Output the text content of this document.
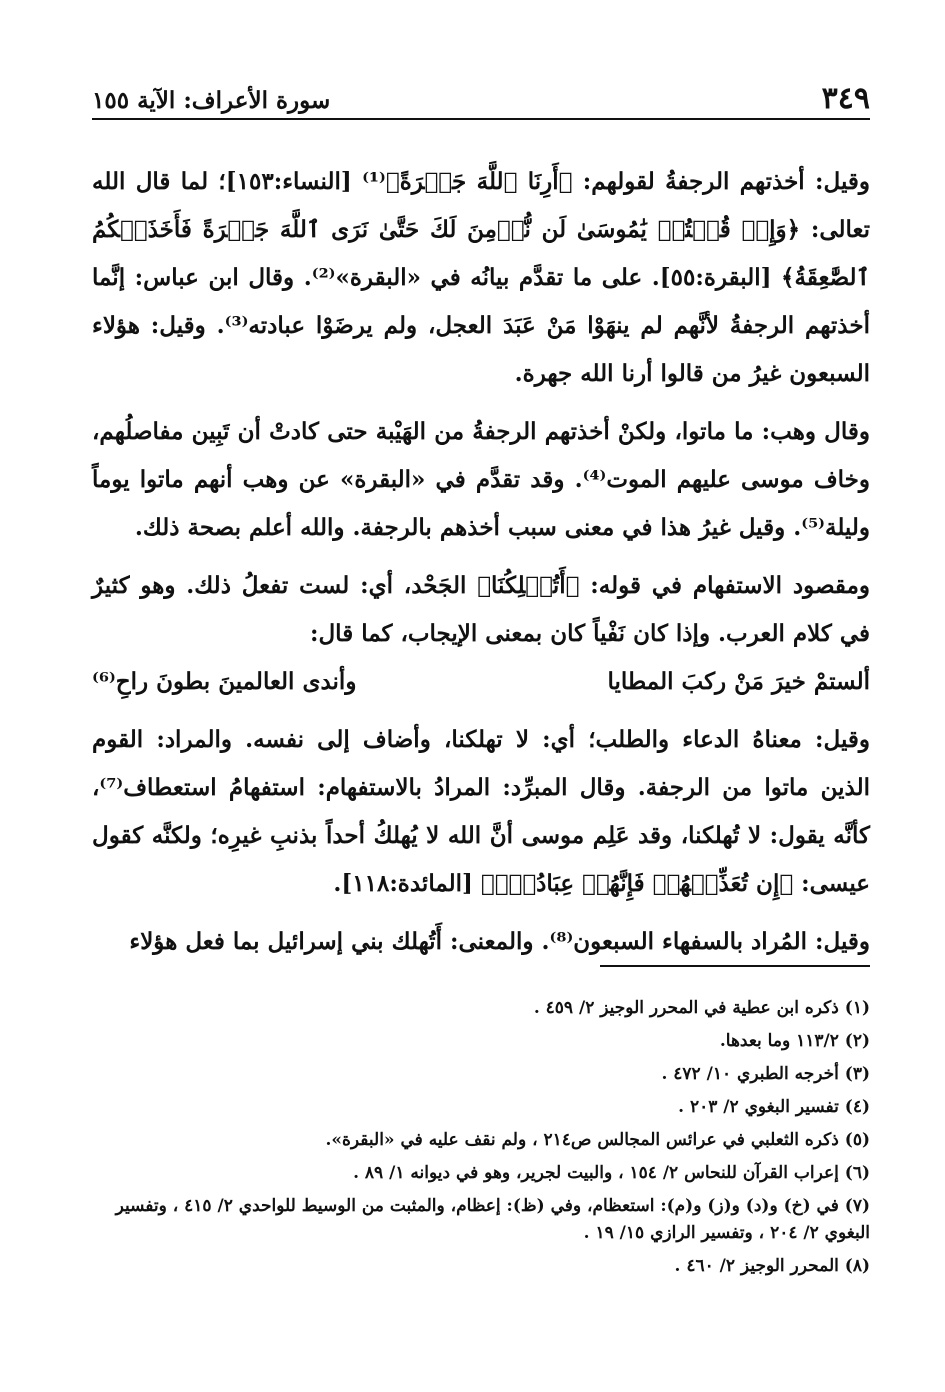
٣٤٩
سورة الأعراف: الآية ١٥٥

وقيل: أخذتهم الرجفةُ لقولهم: ﴿أَرِنَا ٱللَّهَ جَهۡرَةً﴾⁽¹⁾ [النساء:١٥٣]؛ لما قال الله تعالى: ﴿وَإِذۡ قُلۡتُمۡ يَٰمُوسَىٰ لَن نُّؤۡمِنَ لَكَ حَتَّىٰ نَرَى ٱللَّهَ جَهۡرَةً فَأَخَذَتۡكُمُ ٱلصَّٰعِقَةُ﴾ [البقرة:٥٥]. على ما تقدَّم بيانُه في «البقرة»⁽²⁾. وقال ابن عباس: إنَّما أخذتهم الرجفةُ لأنَّهم لم ينهَوْا مَنْ عَبَدَ العجل، ولم يرضَوْا عبادته⁽³⁾. وقيل: هؤلاء السبعون غيرُ من قالوا أرنا الله جهرة.

وقال وهب: ما ماتوا، ولكنْ أخذتهم الرجفةُ من الهَيْبة حتى كادتْ أن تَبِين مفاصلُهم، وخاف موسى عليهم الموت⁽⁴⁾. وقد تقدَّم في «البقرة» عن وهب أنهم ماتوا يوماً وليلة⁽⁵⁾. وقيل غيرُ هذا في معنى سبب أخذهم بالرجفة. والله أعلم بصحة ذلك.

ومقصود الاستفهام في قوله: ﴿أَتُهۡلِكُنَا﴾ الجَحْد، أي: لست تفعلُ ذلك. وهو كثيرٌ في كلام العرب. وإذا كان نَفْياً كان بمعنى الإيجاب، كما قال:

ألستمْ خيرَ مَنْ ركبَ المطايا
وأندى العالمينَ بطونَ راحِ⁽⁶⁾

وقيل: معناهُ الدعاء والطلب؛ أي: لا تهلكنا، وأضاف إلى نفسه. والمراد: القوم الذين ماتوا من الرجفة. وقال المبرِّد: المرادُ بالاستفهام: استفهامُ استعطاف⁽⁷⁾، كأنَّه يقول: لا تُهلكنا، وقد عَلِم موسى أنَّ الله لا يُهلكُ أحداً بذنبِ غيرِه؛ ولكنَّه كقول عيسى: ﴿إِن تُعَذِّبۡهُمۡ فَإِنَّهُمۡ عِبَادُكَۖ﴾ [المائدة:١١٨].

وقيل: المُراد بالسفهاء السبعون⁽⁸⁾. والمعنى: أَتُهلك بني إسرائيل بما فعل هؤلاء

(١) ذكره ابن عطية في المحرر الوجيز ٢/ ٤٥٩ .

(٢) ١١٣/٢ وما بعدها.

(٣) أخرجه الطبري ١٠/ ٤٧٢ .

(٤) تفسير البغوي ٢/ ٢٠٣ .

(٥) ذكره الثعلبي في عرائس المجالس ص٢١٤ ، ولم نقف عليه في «البقرة».

(٦) إعراب القرآن للنحاس ٢/ ١٥٤ ، والبيت لجرير، وهو في ديوانه ١/ ٨٩ .

(٧) في (خ) و(د) و(ز) و(م): استعظام، وفي (ظ): إعظام، والمثبت من الوسيط للواحدي ٢/ ٤١٥ ، وتفسير البغوي ٢/ ٢٠٤ ، وتفسير الرازي ١٥/ ١٩ .

(٨) المحرر الوجيز ٢/ ٤٦٠ .
